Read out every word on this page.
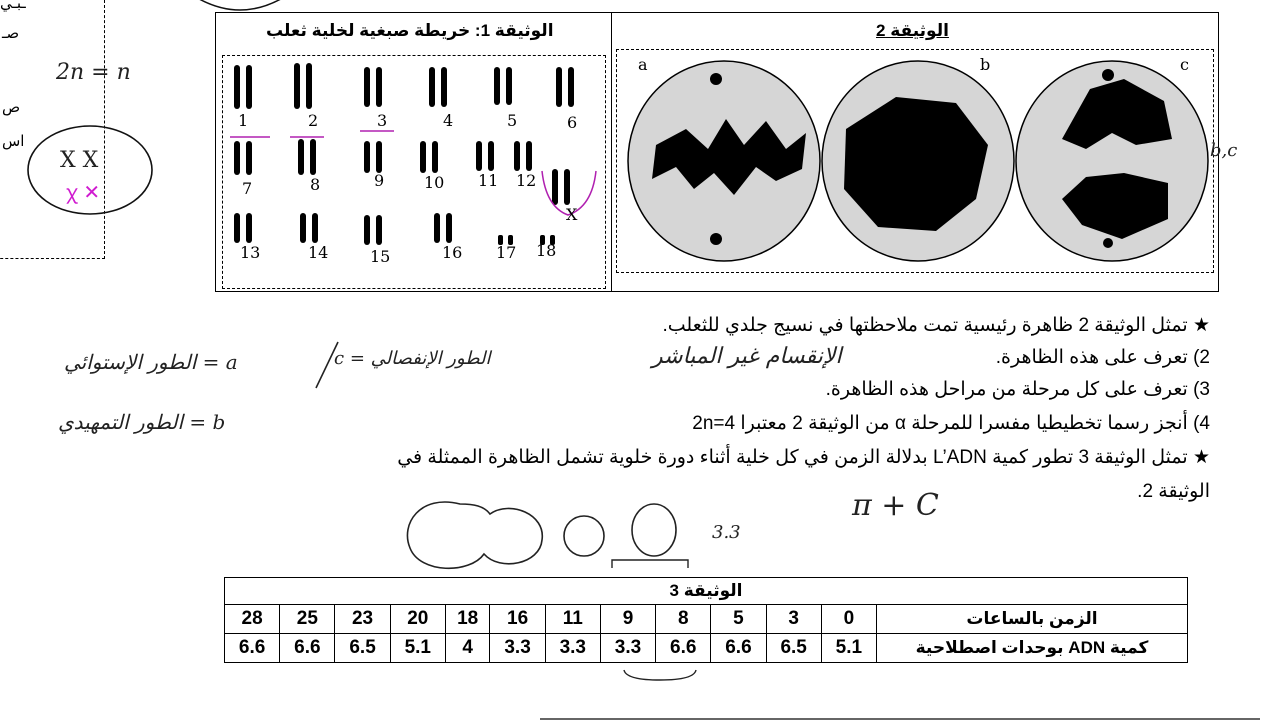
ـبـي
صـ
ص
اس
2n = n
X X
ꭓ ✕
الوثيقة 1: خريطة صبغية لخلية ثعلب
1	2	3	4	5	6
7	8	9 10 11 12
X
13	14	15	16 17 18
الوثيقة 2
a	b	c
b,c
★ تمثل الوثيقة 2 ظاهرة رئيسية تمت ملاحظتها في نسيج جلدي للثعلب.
2) تعرف على هذه الظاهرة.
3) تعرف على كل مرحلة من مراحل هذه الظاهرة.
4) أنجز رسما تخطيطيا مفسرا للمرحلة α من الوثيقة 2 معتبرا 2n=4
★ تمثل الوثيقة 3 تطور كمية L’ADN بدلالة الزمن في كل خلية أثناء دورة خلوية تشمل الظاهرة الممثلة في
الوثيقة 2.
الإنقسام غير المباشر
a = الطور الإستوائي	الطور الإنفصالي = c
b = الطور التمهيدي
3.3
π + C
الوثيقة 3												
الزمن بالساعات	0	3	5	8	9	11	16	18	20	23	25	28
كمية ADN بوحدات اصطلاحية	5.1	6.5	6.6	6.6	3.3	3.3	3.3	4	5.1	6.5	6.6	6.6
